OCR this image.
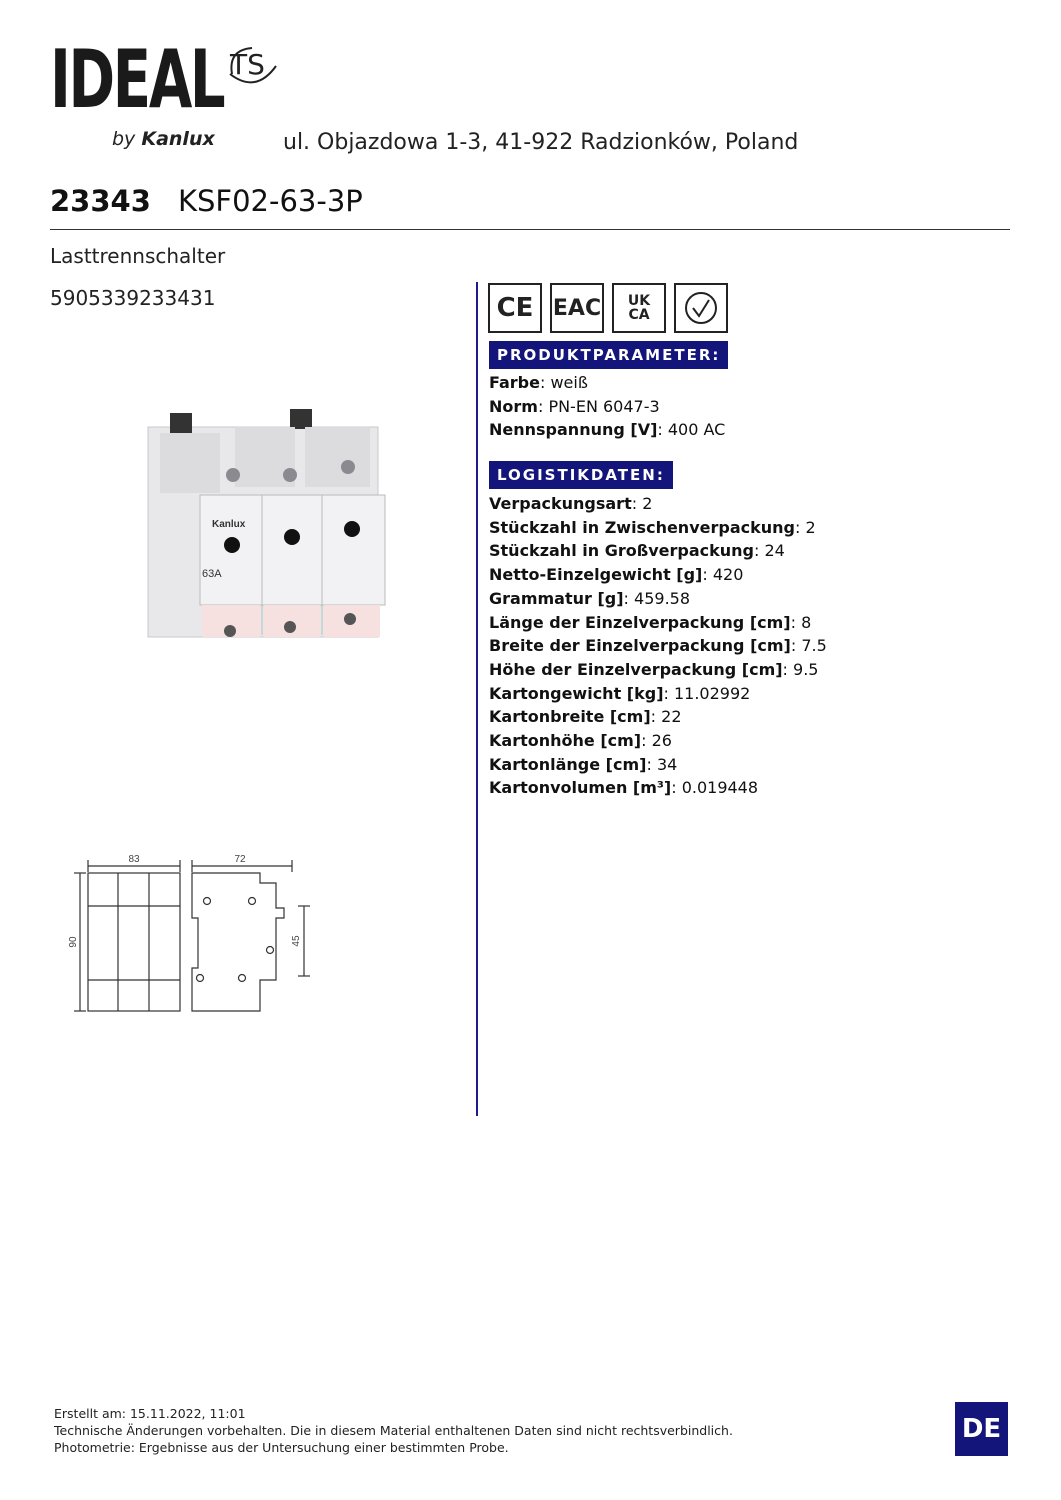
IDEAL TS
by Kanlux	ul. Objazdowa 1-3, 41-922 Radzionków, Poland
23343 KSF02-63-3P
Lasttrennschalter
5905339233431
Kanlux
63A
83	72
90	45
CE EAC UK CA
PRODUKTPARAMETER:
Farbe: weiß
Norm: PN-EN 6047-3
Nennspannung [V]: 400 AC
LOGISTIKDATEN:
Verpackungsart: 2
Stückzahl in Zwischenverpackung: 2
Stückzahl in Großverpackung: 24
Netto-Einzelgewicht [g]: 420
Grammatur [g]: 459.58
Länge der Einzelverpackung [cm]: 8
Breite der Einzelverpackung [cm]: 7.5
Höhe der Einzelverpackung [cm]: 9.5
Kartongewicht [kg]: 11.02992
Kartonbreite [cm]: 22
Kartonhöhe [cm]: 26
Kartonlänge [cm]: 34
Kartonvolumen [m³]: 0.019448
Erstellt am: 15.11.2022, 11:01
Technische Änderungen vorbehalten. Die in diesem Material enthaltenen Daten sind nicht rechtsverbindlich.
Photometrie: Ergebnisse aus der Untersuchung einer bestimmten Probe.
DE
